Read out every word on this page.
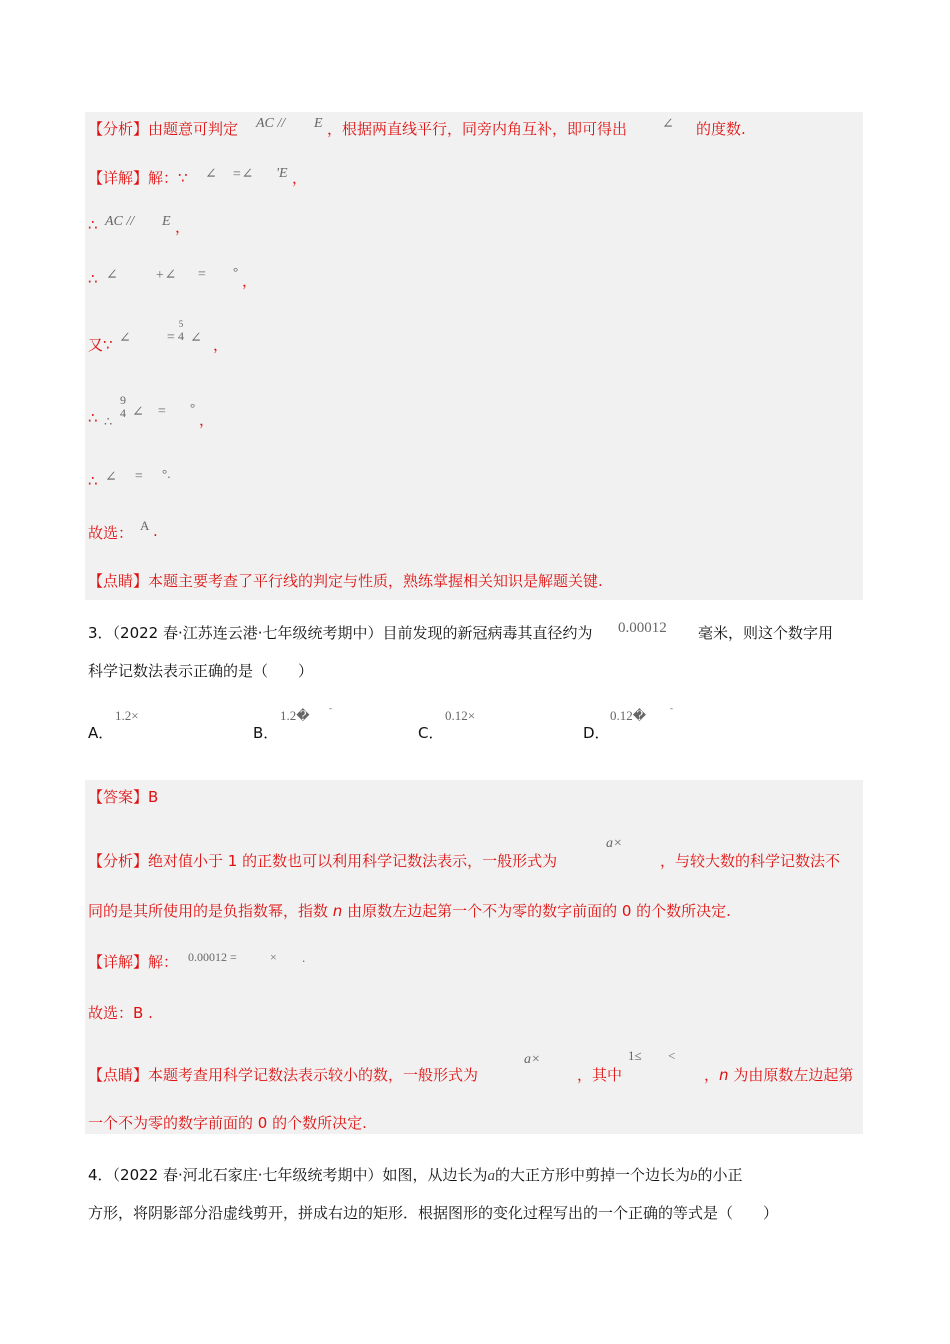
【分析】由题意可判定 AC // E ，根据两直线平行，同旁内角互补，即可得出 ∠ 的度数.
【详解】解：∵ ∠ =∠ 'E ，
∴ AC // E ，
∴ ∠	+∠ = °
，
又∵ ∠	=
5
4 ∠ ，
∴
9
4
∴
∠ = °
，
∴ ∠ = °.
故选： A .
【点睛】本题主要考查了平行线的判定与性质，熟练掌握相关知识是解题关键.
3．（2022 春·江苏连云港·七年级统考期中）目前发现的新冠病毒其直径约为 0.00012 毫米，则这个数字用
科学记数法表示正确的是（　　）
A．
1.2×
B．
1.2� -
C．
0.12×
D．
0.12�	-
【答案】B
【分析】绝对值小于 1 的正数也可以利用科学记数法表示，一般形式为
a×
，与较大数的科学记数法不
同的是其所使用的是负指数幂，指数 n 由原数左边起第一个不为零的数字前面的 0 的个数所决定.
【详解】解： 0.00012 =	× .
故选：B .
【点睛】本题考查用科学记数法表示较小的数，一般形式为
a×
，其中
1≤ <
，n 为由原数左边起第
一个不为零的数字前面的 0 的个数所决定.
4．（2022 春·河北石家庄·七年级统考期中）如图，从边长为a的大正方形中剪掉一个边长为b的小正
方形，将阴影部分沿虚线剪开，拼成右边的矩形．根据图形的变化过程写出的一个正确的等式是（　　）
